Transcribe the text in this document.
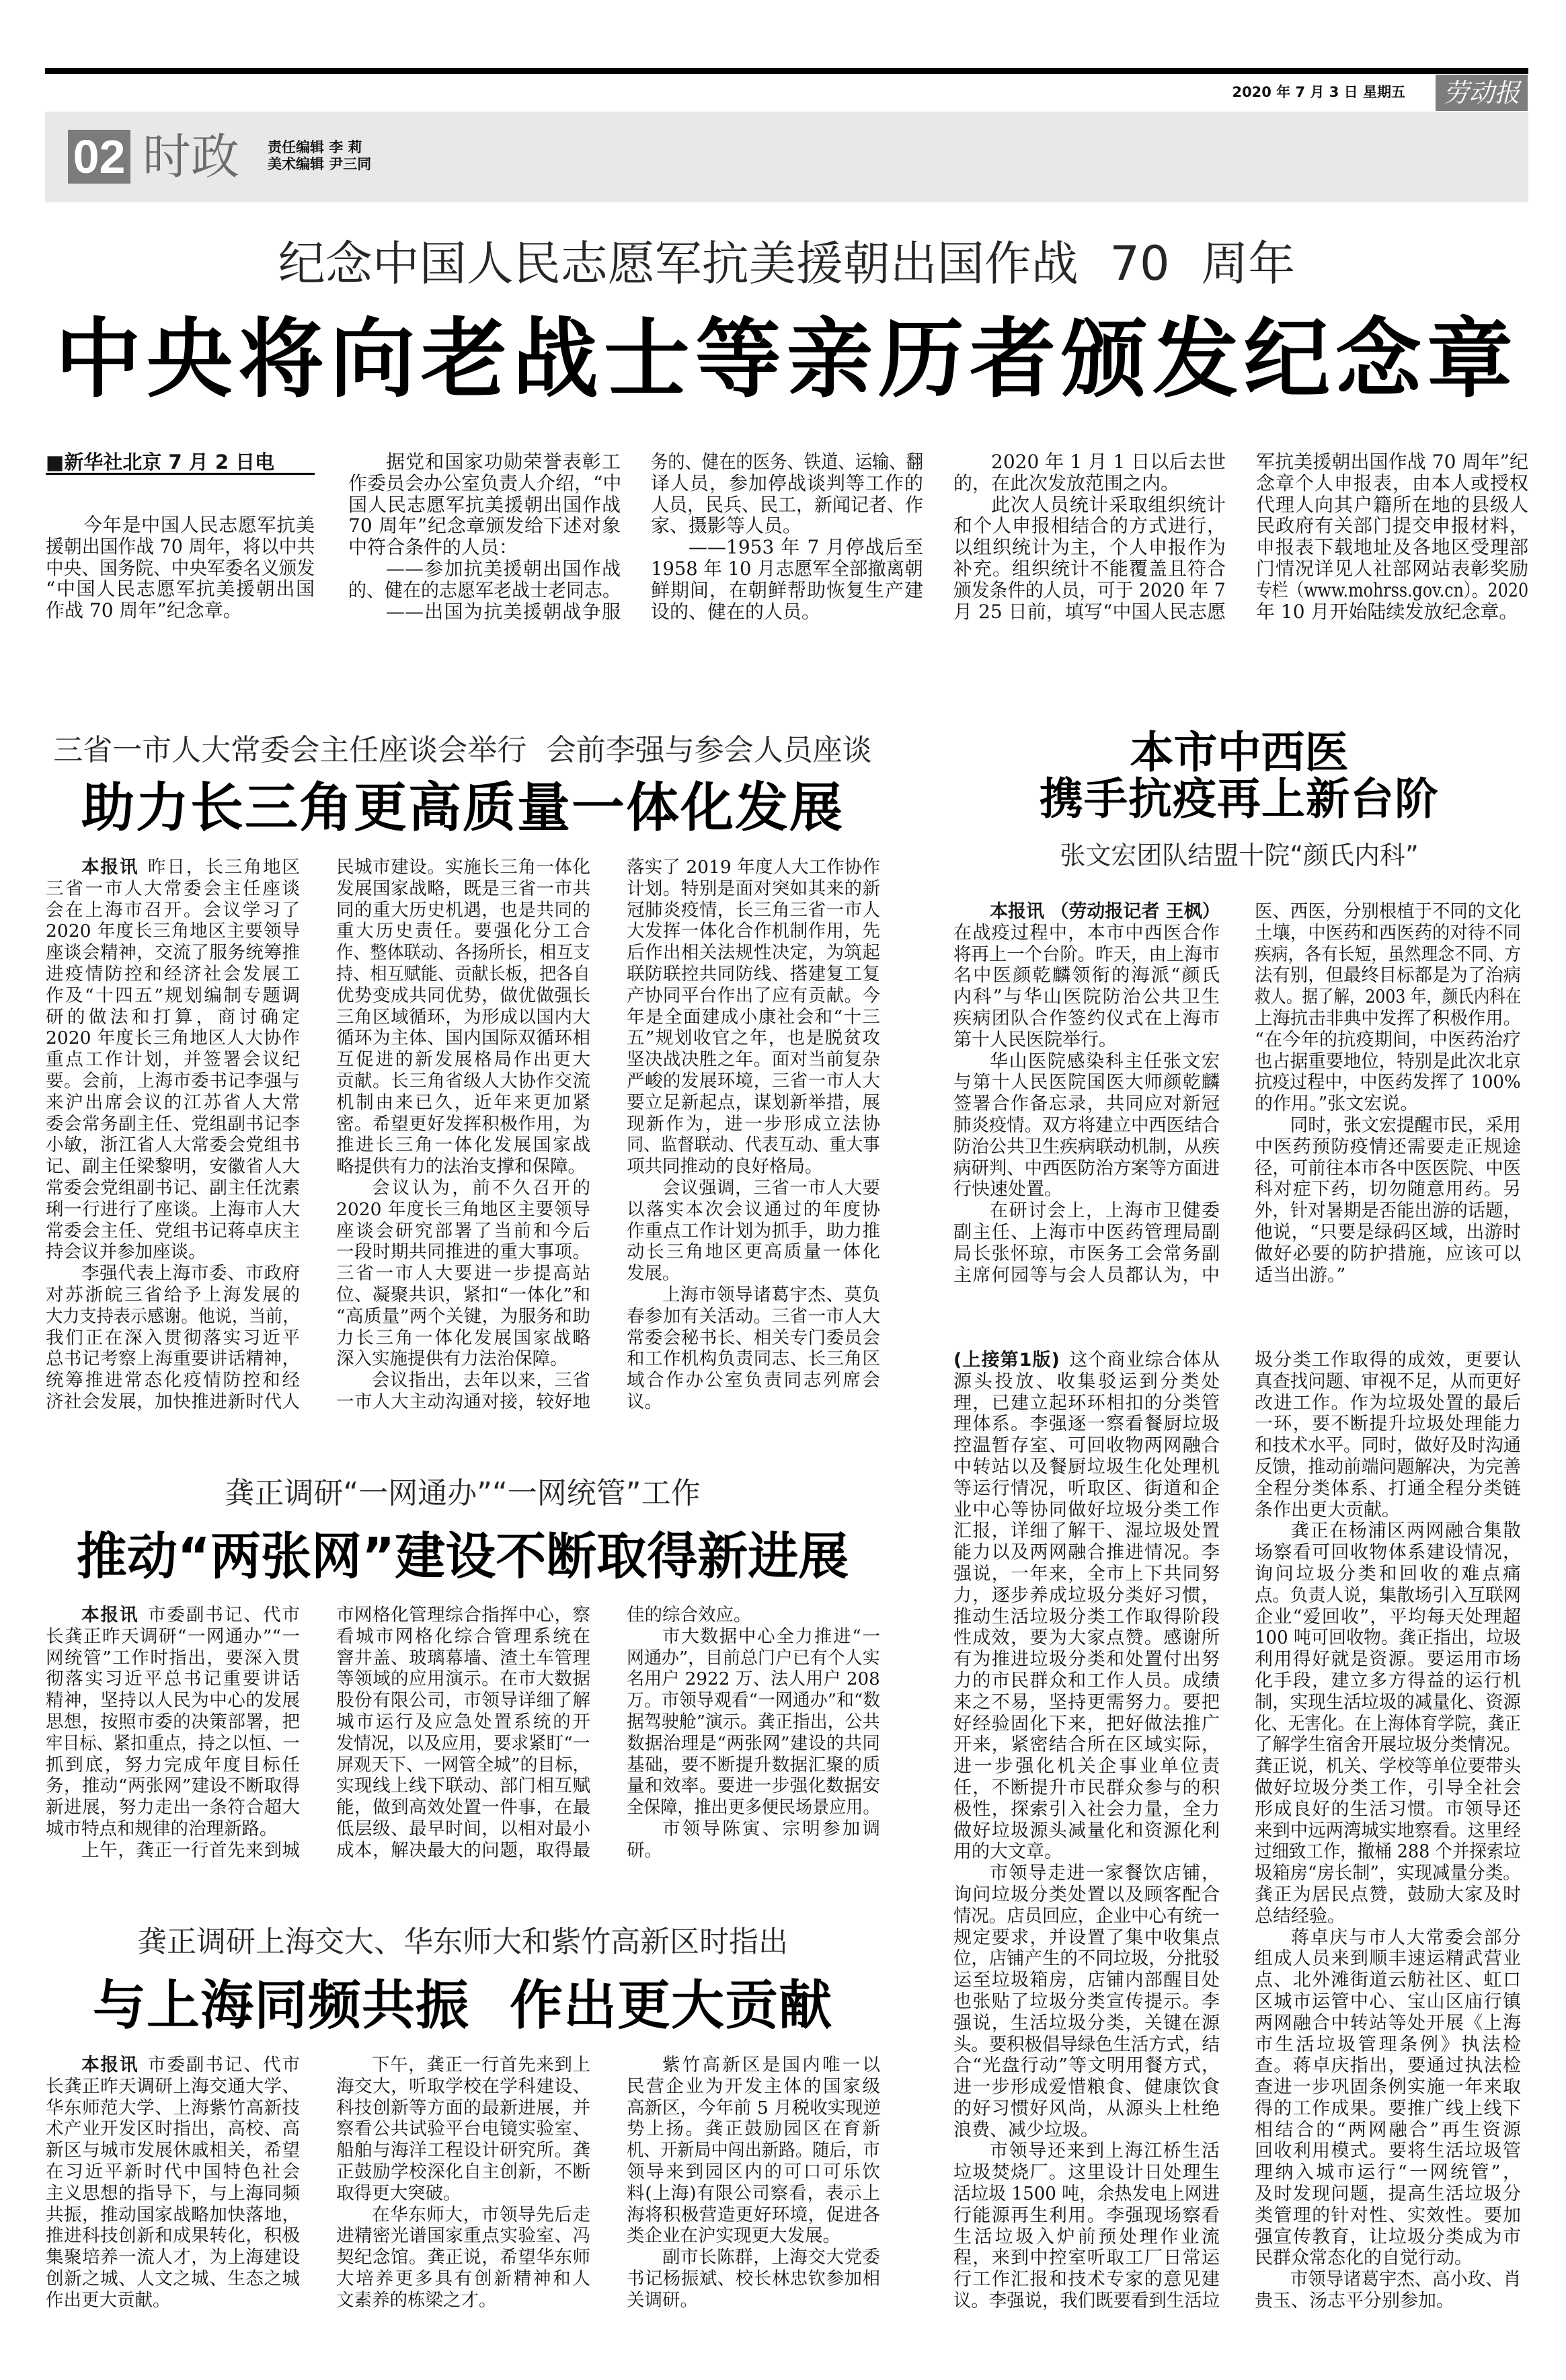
2020 年 7 月 3 日 星期五	劳动报
02 时政 责任编辑 李 莉
美术编辑 尹三同
纪念中国人民志愿军抗美援朝出国作战 70 周年
中央将向老战士等亲历者颁发纪念章
■新华社北京 7 月 2 日电
今年是中国人民志愿军抗美
援朝出国作战 70 周年，将以中共
中央、国务院、中央军委名义颁发
“中国人民志愿军抗美援朝出国
作战 70 周年”纪念章。
据党和国家功勋荣誉表彰工
作委员会办公室负责人介绍，“中
国人民志愿军抗美援朝出国作战
70 周年”纪念章颁发给下述对象
中符合条件的人员：
——参加抗美援朝出国作战
的、健在的志愿军老战士老同志。
——出国为抗美援朝战争服
务的、健在的医务、铁道、运输、翻
译人员，参加停战谈判等工作的
人员，民兵、民工，新闻记者、作
家、摄影等人员。
——1953 年 7 月停战后至
1958 年 10 月志愿军全部撤离朝
鲜期间，在朝鲜帮助恢复生产建
设的、健在的人员。
2020 年 1 月 1 日以后去世
的，在此次发放范围之内。
此次人员统计采取组织统计
和个人申报相结合的方式进行，
以组织统计为主，个人申报作为
补充。组织统计不能覆盖且符合
颁发条件的人员，可于 2020 年 7
月 25 日前，填写“中国人民志愿
军抗美援朝出国作战 70 周年”纪
念章个人申报表，由本人或授权
代理人向其户籍所在地的县级人
民政府有关部门提交申报材料，
申报表下载地址及各地区受理部
门情况详见人社部网站表彰奖励
专栏（www.mohrss.gov.cn）。2020
年 10 月开始陆续发放纪念章。
三省一市人大常委会主任座谈会举行 会前李强与参会人员座谈
助力长三角更高质量一体化发展
本报讯 昨日，长三角地区
三省一市人大常委会主任座谈
会在上海市召开。会议学习了
2020 年度长三角地区主要领导
座谈会精神，交流了服务统筹推
进疫情防控和经济社会发展工
作及“十四五”规划编制专题调
研的做法和打算，商讨确定
2020 年度长三角地区人大协作
重点工作计划，并签署会议纪
要。会前，上海市委书记李强与
来沪出席会议的江苏省人大常
委会常务副主任、党组副书记李
小敏，浙江省人大常委会党组书
记、副主任梁黎明，安徽省人大
常委会党组副书记、副主任沈素
琍一行进行了座谈。上海市人大
常委会主任、党组书记蒋卓庆主
持会议并参加座谈。
李强代表上海市委、市政府
对苏浙皖三省给予上海发展的
大力支持表示感谢。他说，当前，
我们正在深入贯彻落实习近平
总书记考察上海重要讲话精神，
统筹推进常态化疫情防控和经
济社会发展，加快推进新时代人
民城市建设。实施长三角一体化
发展国家战略，既是三省一市共
同的重大历史机遇，也是共同的
重大历史责任。要强化分工合
作、整体联动、各扬所长，相互支
持、相互赋能、贡献长板，把各自
优势变成共同优势，做优做强长
三角区域循环，为形成以国内大
循环为主体、国内国际双循环相
互促进的新发展格局作出更大
贡献。长三角省级人大协作交流
机制由来已久，近年来更加紧
密。希望更好发挥积极作用，为
推进长三角一体化发展国家战
略提供有力的法治支撑和保障。
会议认为，前不久召开的
2020 年度长三角地区主要领导
座谈会研究部署了当前和今后
一段时期共同推进的重大事项。
三省一市人大要进一步提高站
位、凝聚共识，紧扣“一体化”和
“高质量”两个关键，为服务和助
力长三角一体化发展国家战略
深入实施提供有力法治保障。
会议指出，去年以来，三省
一市人大主动沟通对接，较好地
落实了 2019 年度人大工作协作
计划。特别是面对突如其来的新
冠肺炎疫情，长三角三省一市人
大发挥一体化合作机制作用，先
后作出相关法规性决定，为筑起
联防联控共同防线、搭建复工复
产协同平台作出了应有贡献。今
年是全面建成小康社会和“十三
五”规划收官之年，也是脱贫攻
坚决战决胜之年。面对当前复杂
严峻的发展环境，三省一市人大
要立足新起点，谋划新举措，展
现新作为，进一步形成立法协
同、监督联动、代表互动、重大事
项共同推动的良好格局。
会议强调，三省一市人大要
以落实本次会议通过的年度协
作重点工作计划为抓手，助力推
动长三角地区更高质量一体化
发展。
上海市领导诸葛宇杰、莫负
春参加有关活动。三省一市人大
常委会秘书长、相关专门委员会
和工作机构负责同志、长三角区
域合作办公室负责同志列席会
议。
龚正调研“一网通办”“一网统管”工作
推动“两张网”建设不断取得新进展
本报讯 市委副书记、代市
长龚正昨天调研“一网通办”“一
网统管”工作时指出，要深入贯
彻落实习近平总书记重要讲话
精神，坚持以人民为中心的发展
思想，按照市委的决策部署，把
牢目标、紧扣重点，持之以恒、一
抓到底，努力完成年度目标任
务，推动“两张网”建设不断取得
新进展，努力走出一条符合超大
城市特点和规律的治理新路。
上午，龚正一行首先来到城
市网格化管理综合指挥中心，察
看城市网格化综合管理系统在
窨井盖、玻璃幕墙、渣土车管理
等领域的应用演示。在市大数据
股份有限公司，市领导详细了解
城市运行及应急处置系统的开
发情况，以及应用，要求紧盯“一
屏观天下、一网管全城”的目标，
实现线上线下联动、部门相互赋
能，做到高效处置一件事，在最
低层级、最早时间，以相对最小
成本，解决最大的问题，取得最
佳的综合效应。
市大数据中心全力推进“一
网通办”，目前总门户已有个人实
名用户 2922 万、法人用户 208
万。市领导观看“一网通办”和“数
据驾驶舱”演示。龚正指出，公共
数据治理是“两张网”建设的共同
基础，要不断提升数据汇聚的质
量和效率。要进一步强化数据安
全保障，推出更多便民场景应用。
市领导陈寅、宗明参加调
研。
龚正调研上海交大、华东师大和紫竹高新区时指出
与上海同频共振 作出更大贡献
本报讯 市委副书记、代市
长龚正昨天调研上海交通大学、
华东师范大学、上海紫竹高新技
术产业开发区时指出，高校、高
新区与城市发展休戚相关，希望
在习近平新时代中国特色社会
主义思想的指导下，与上海同频
共振，推动国家战略加快落地，
推进科技创新和成果转化，积极
集聚培养一流人才，为上海建设
创新之城、人文之城、生态之城
作出更大贡献。
下午，龚正一行首先来到上
海交大，听取学校在学科建设、
科技创新等方面的最新进展，并
察看公共试验平台电镜实验室、
船舶与海洋工程设计研究所。龚
正鼓励学校深化自主创新，不断
取得更大突破。
在华东师大，市领导先后走
进精密光谱国家重点实验室、冯
契纪念馆。龚正说，希望华东师
大培养更多具有创新精神和人
文素养的栋梁之才。
紫竹高新区是国内唯一以
民营企业为开发主体的国家级
高新区，今年前 5 月税收实现逆
势上扬。龚正鼓励园区在育新
机、开新局中闯出新路。随后，市
领导来到园区内的可口可乐饮
料(上海)有限公司察看，表示上
海将积极营造更好环境，促进各
类企业在沪实现更大发展。
副市长陈群，上海交大党委
书记杨振斌、校长林忠钦参加相
关调研。
本市中西医
携手抗疫再上新台阶
张文宏团队结盟十院“颜氏内科”
本报讯 （劳动报记者 王枫）
在战疫过程中，本市中西医合作
将再上一个台阶。昨天，由上海市
名中医颜乾麟领衔的海派“颜氏
内科”与华山医院防治公共卫生
疾病团队合作签约仪式在上海市
第十人民医院举行。
华山医院感染科主任张文宏
与第十人民医院国医大师颜乾麟
签署合作备忘录，共同应对新冠
肺炎疫情。双方将建立中西医结合
防治公共卫生疾病联动机制，从疾
病研判、中西医防治方案等方面进
行快速处置。
在研讨会上，上海市卫健委
副主任、上海市中医药管理局副
局长张怀琼，市医务工会常务副
主席何园等与会人员都认为，中
医、西医，分别根植于不同的文化
土壤，中医药和西医药的对待不同
疾病，各有长短，虽然理念不同、方
法有别，但最终目标都是为了治病
救人。据了解，2003 年，颜氏内科在
上海抗击非典中发挥了积极作用。
“在今年的抗疫期间，中医药治疗
也占据重要地位，特别是此次北京
抗疫过程中，中医药发挥了 100%
的作用。”张文宏说。
同时，张文宏提醒市民，采用
中医药预防疫情还需要走正规途
径，可前往本市各中医医院、中医
科对症下药，切勿随意用药。另
外，针对暑期是否能出游的话题，
他说，“只要是绿码区域，出游时
做好必要的防护措施，应该可以
适当出游。”
(上接第1版) 这个商业综合体从
源头投放、收集驳运到分类处
理，已建立起环环相扣的分类管
理体系。李强逐一察看餐厨垃圾
控温暂存室、可回收物两网融合
中转站以及餐厨垃圾生化处理机
等运行情况，听取区、街道和企
业中心等协同做好垃圾分类工作
汇报，详细了解干、湿垃圾处置
能力以及两网融合推进情况。李
强说，一年来，全市上下共同努
力，逐步养成垃圾分类好习惯，
推动生活垃圾分类工作取得阶段
性成效，要为大家点赞。感谢所
有为推进垃圾分类和处置付出努
力的市民群众和工作人员。成绩
来之不易，坚持更需努力。要把
好经验固化下来，把好做法推广
开来，紧密结合所在区域实际，
进一步强化机关企事业单位责
任，不断提升市民群众参与的积
极性，探索引入社会力量，全力
做好垃圾源头减量化和资源化利
用的大文章。
市领导走进一家餐饮店铺，
询问垃圾分类处置以及顾客配合
情况。店员回应，企业中心有统一
规定要求，并设置了集中收集点
位，店铺产生的不同垃圾，分批驳
运至垃圾箱房，店铺内部醒目处
也张贴了垃圾分类宣传提示。李
强说，生活垃圾分类，关键在源
头。要积极倡导绿色生活方式，结
合“光盘行动”等文明用餐方式，
进一步形成爱惜粮食、健康饮食
的好习惯好风尚，从源头上杜绝
浪费、减少垃圾。
市领导还来到上海江桥生活
垃圾焚烧厂。这里设计日处理生
活垃圾 1500 吨，余热发电上网进
行能源再生利用。李强现场察看
生活垃圾入炉前预处理作业流
程，来到中控室听取工厂日常运
行工作汇报和技术专家的意见建
议。李强说，我们既要看到生活垃
圾分类工作取得的成效，更要认
真查找问题、审视不足，从而更好
改进工作。作为垃圾处置的最后
一环，要不断提升垃圾处理能力
和技术水平。同时，做好及时沟通
反馈，推动前端问题解决，为完善
全程分类体系、打通全程分类链
条作出更大贡献。
龚正在杨浦区两网融合集散
场察看可回收物体系建设情况，
询问垃圾分类和回收的难点痛
点。负责人说，集散场引入互联网
企业“爱回收”，平均每天处理超
100 吨可回收物。龚正指出，垃圾
利用得好就是资源。要运用市场
化手段，建立多方得益的运行机
制，实现生活垃圾的减量化、资源
化、无害化。在上海体育学院，龚正
了解学生宿舍开展垃圾分类情况。
龚正说，机关、学校等单位要带头
做好垃圾分类工作，引导全社会
形成良好的生活习惯。市领导还
来到中远两湾城实地察看。这里经
过细致工作，撤桶 288 个并探索垃
圾箱房“房长制”，实现减量分类。
龚正为居民点赞，鼓励大家及时
总结经验。
蒋卓庆与市人大常委会部分
组成人员来到顺丰速运精武营业
点、北外滩街道云舫社区、虹口
区城市运管中心、宝山区庙行镇
两网融合中转站等处开展《上海
市生活垃圾管理条例》执法检
查。蒋卓庆指出，要通过执法检
查进一步巩固条例实施一年来取
得的工作成果。要推广线上线下
相结合的“两网融合”再生资源
回收利用模式。要将生活垃圾管
理纳入城市运行“一网统管”，
及时发现问题，提高生活垃圾分
类管理的针对性、实效性。要加
强宣传教育，让垃圾分类成为市
民群众常态化的自觉行动。
市领导诸葛宇杰、高小玫、肖
贵玉、汤志平分别参加。
